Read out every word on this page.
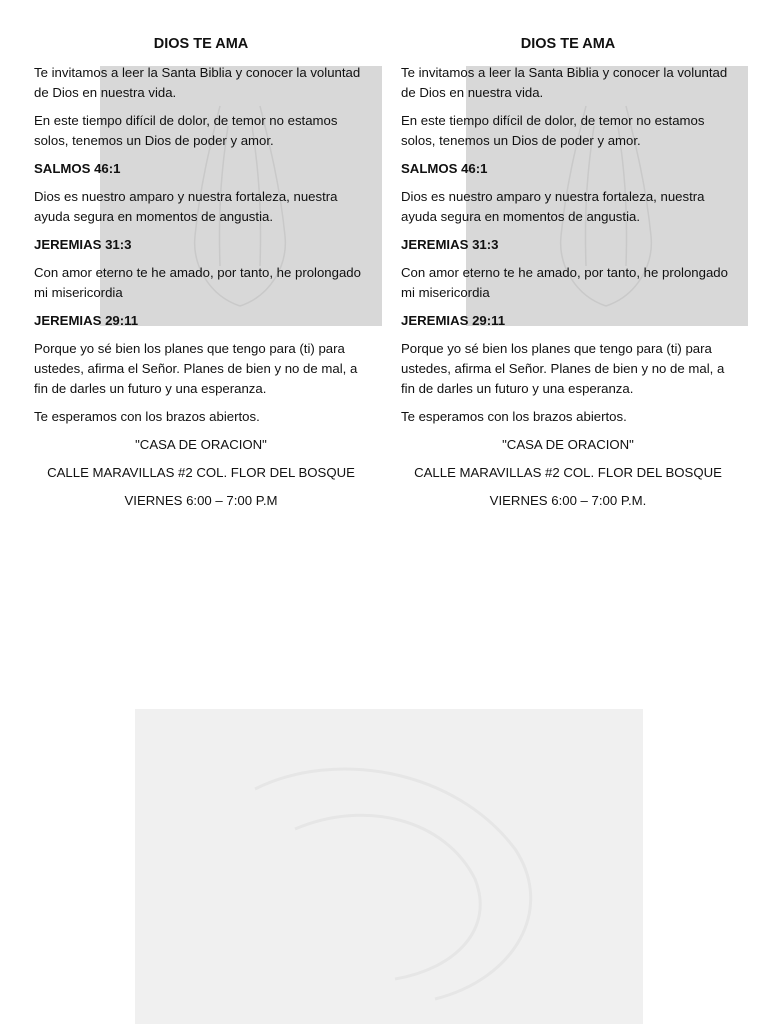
DIOS TE AMA
Te invitamos a leer la Santa Biblia y conocer la voluntad de Dios en nuestra vida.
En este tiempo difícil de dolor, de temor no estamos solos, tenemos un Dios de poder y amor.
SALMOS 46:1
Dios es nuestro amparo y nuestra fortaleza, nuestra ayuda segura en momentos de angustia.
JEREMIAS 31:3
Con amor eterno te he amado, por tanto, he prolongado mi misericordia
JEREMIAS 29:11
Porque yo sé bien los planes que tengo para (ti) para ustedes, afirma el Señor. Planes de bien y no de mal, a fin de darles un futuro y una esperanza.
Te esperamos con los brazos abiertos.
"CASA DE ORACION"
CALLE MARAVILLAS #2 COL. FLOR DEL BOSQUE
VIERNES 6:00 – 7:00 P.M
DIOS TE AMA
Te invitamos a leer la Santa Biblia y conocer la voluntad de Dios en nuestra vida.
En este tiempo difícil de dolor, de temor no estamos solos, tenemos un Dios de poder y amor.
SALMOS 46:1
Dios es nuestro amparo y nuestra fortaleza, nuestra ayuda segura en momentos de angustia.
JEREMIAS 31:3
Con amor eterno te he amado, por tanto, he prolongado mi misericordia
JEREMIAS 29:11
Porque yo sé bien los planes que tengo para (ti) para ustedes, afirma el Señor. Planes de bien y no de mal, a fin de darles un futuro y una esperanza.
Te esperamos con los brazos abiertos.
"CASA DE ORACION"
CALLE MARAVILLAS #2 COL. FLOR DEL BOSQUE
VIERNES 6:00 – 7:00 P.M.
